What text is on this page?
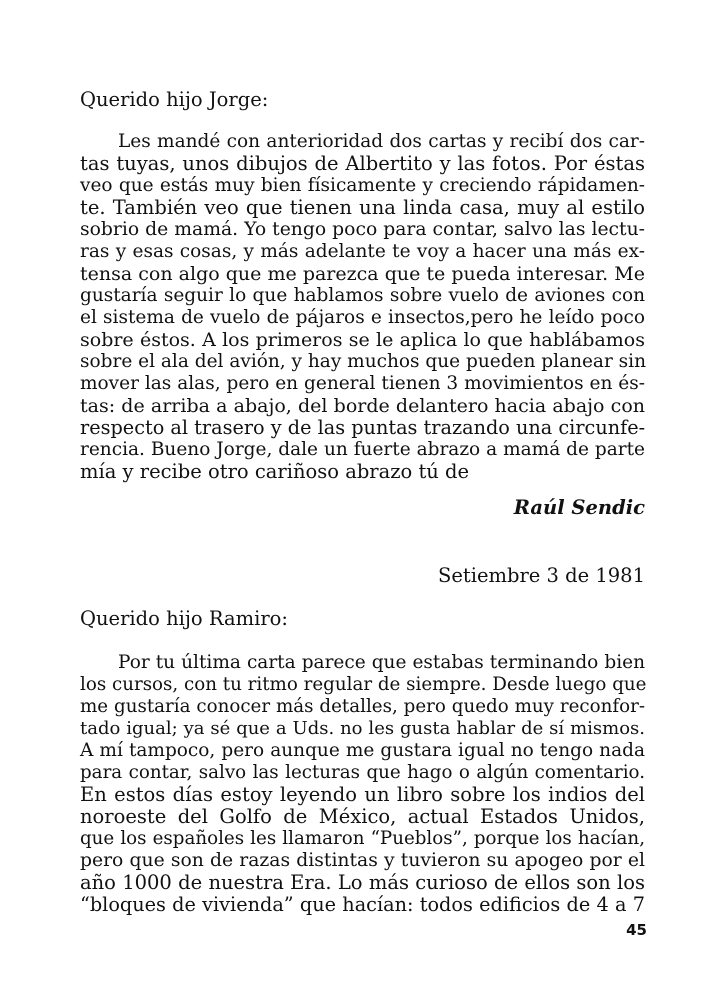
Querido hijo Jorge:
Les mandé con anterioridad dos cartas y recibí dos car-
tas tuyas, unos dibujos de Albertito y las fotos. Por éstas
veo que estás muy bien físicamente y creciendo rápidamen-
te. También veo que tienen una linda casa, muy al estilo
sobrio de mamá. Yo tengo poco para contar, salvo las lectu-
ras y esas cosas, y más adelante te voy a hacer una más ex-
tensa con algo que me parezca que te pueda interesar. Me
gustaría seguir lo que hablamos sobre vuelo de aviones con
el sistema de vuelo de pájaros e insectos,pero he leído poco
sobre éstos. A los primeros se le aplica lo que hablábamos
sobre el ala del avión, y hay muchos que pueden planear sin
mover las alas, pero en general tienen 3 movimientos en és-
tas: de arriba a abajo, del borde delantero hacia abajo con
respecto al trasero y de las puntas trazando una circunfe-
rencia. Bueno Jorge, dale un fuerte abrazo a mamá de parte
mía y recibe otro cariñoso abrazo tú de
Raúl Sendic
Setiembre 3 de 1981
Querido hijo Ramiro:
Por tu última carta parece que estabas terminando bien
los cursos, con tu ritmo regular de siempre. Desde luego que
me gustaría conocer más detalles, pero quedo muy reconfor-
tado igual; ya sé que a Uds. no les gusta hablar de sí mismos.
A mí tampoco, pero aunque me gustara igual no tengo nada
para contar, salvo las lecturas que hago o algún comentario.
En estos días estoy leyendo un libro sobre los indios del
noroeste del Golfo de México, actual Estados Unidos,
que los españoles les llamaron “Pueblos”, porque los hacían,
pero que son de razas distintas y tuvieron su apogeo por el
año 1000 de nuestra Era. Lo más curioso de ellos son los
“bloques de vivienda” que hacían: todos edificios de 4 a 7
45
